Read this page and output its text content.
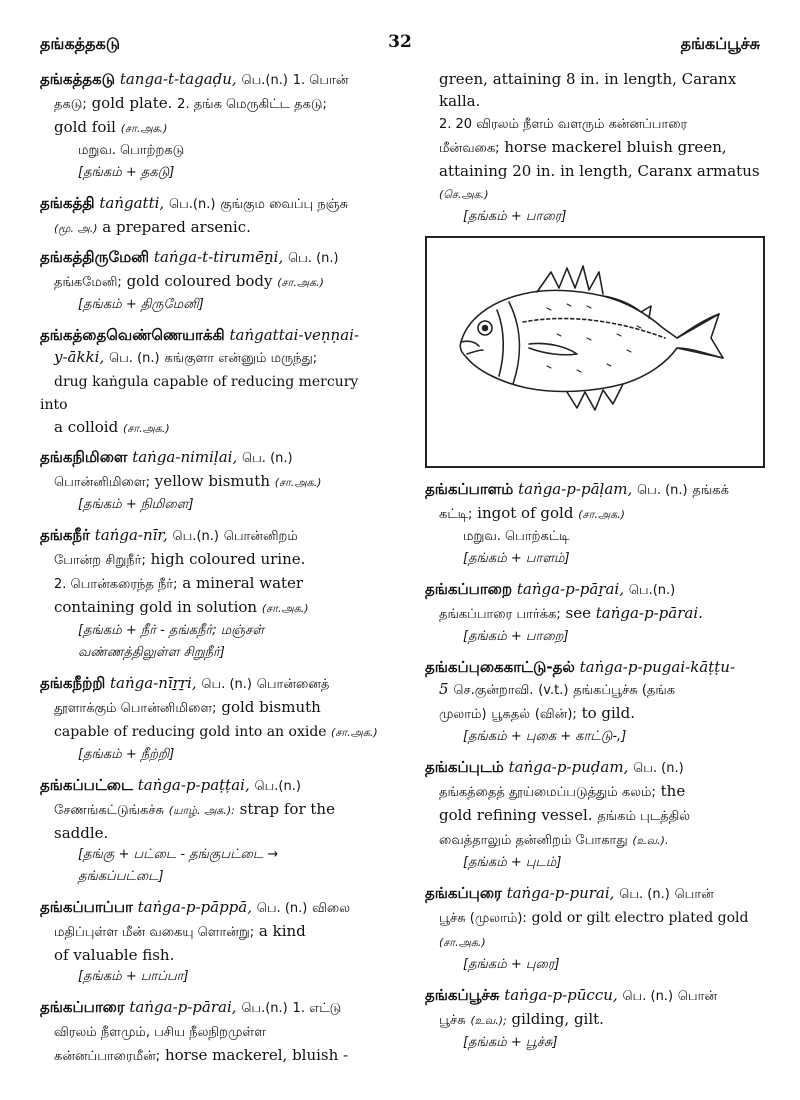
தங்கத்தகடு	32	தங்கப்பூச்சு
தங்கத்தகடு tanga-t-tagaḍu, பெ.(n.) 1. பொன்
தகடு; gold plate. 2. தங்க மெருகிட்ட தகடு;
gold foil (சா.அக.)
மறுவ. பொற்றகடு
[தங்கம் + தகடு]
தங்கத்தி taṅgatti, பெ.(n.) குங்கும வைப்பு நஞ்சு
(மூ. அ.) a prepared arsenic.
தங்கத்திருமேனி taṅga-t-tirumēṉi, பெ. (n.)
தங்கமேனி; gold coloured body (சா.அக.)
[தங்கம் + திருமேனி]
தங்கத்தைவெண்ணெயாக்கி taṅgattai-veṇṇai-
y-ākki, பெ. (n.) கங்குளா என்னும் மருந்து;
drug kaṅgula capable of reducing mercury into
a colloid (சா.அக.)
தங்கநிமிளை taṅga-nimiḷai, பெ. (n.)
பொன்னிமிளை; yellow bismuth (சா.அக.)
[தங்கம் + நிமிளை]
தங்கநீர் taṅga-nīr, பெ.(n.) பொன்னிறம்
போன்ற சிறுநீர்; high coloured urine.
2. பொன்கரைந்த நீர்; a mineral water
containing gold in solution (சா.அக.)
[தங்கம் + நீர் - தங்கநீர்; மஞ்சள்
வண்ணத்திலுள்ள சிறுநீர்]
தங்கநீற்றி taṅga-nīṟṟi, பெ. (n.) பொன்னைத்
தூளாக்கும் பொன்னிமிளை; gold bismuth
capable of reducing gold into an oxide (சா.அக.)
[தங்கம் + நீற்றி]
தங்கப்பட்டை taṅga-p-paṭṭai, பெ.(n.)
சேணங்கட்டுங்கச்சு (யாழ். அக.): strap for the
saddle.
[தங்கு + பட்டை - தங்குபட்டை →
தங்கப்பட்டை]
தங்கப்பாப்பா taṅga-p-pāppā, பெ. (n.) விலை
மதிப்புள்ள மீன் வகையு ளொன்று; a kind
of valuable fish.
[தங்கம் + பாப்பா]
தங்கப்பாரை taṅga-p-pārai, பெ.(n.) 1. எட்டு
விரலம் நீளமும், பசிய நீலநிறமுள்ள
கன்னப்பாரைமீன்; horse mackerel, bluish -
green, attaining 8 in. in length, Caranx kalla.
2. 20 விரலம் நீளம் வளரும் கன்னப்பாரை
மீன்வகை; horse mackerel bluish green,
attaining 20 in. in length, Caranx armatus
(செ.அக.)
[தங்கம் + பாரை]
தங்கப்பாளம் taṅga-p-pāḷam, பெ. (n.) தங்கக்
கட்டி; ingot of gold (சா.அக.)
மறுவ. பொற்கட்டி
[தங்கம் + பாளம்]
தங்கப்பாறை taṅga-p-pāṟai, பெ.(n.)
தங்கப்பாரை பார்க்க; see taṅga-p-pārai.
[தங்கம் + பாறை]
தங்கப்புகைகாட்டு-தல் taṅga-p-pugai-kāṭṭu-
5 செ.குன்றாவி. (v.t.) தங்கப்பூச்சு (தங்க
முலாம்) பூசுதல் (வின்); to gild.
[தங்கம் + புகை + காட்டு-,]
தங்கப்புடம் taṅga-p-puḍam, பெ. (n.)
தங்கத்தைத் தூய்மைப்படுத்தும் கலம்; the
gold refining vessel. தங்கம் புடத்தில்
வைத்தாலும் தன்னிறம் போகாது (உவ.).
[தங்கம் + புடம்]
தங்கப்புரை taṅga-p-purai, பெ. (n.) பொன்
பூச்சு (முலாம்): gold or gilt electro plated gold
(சா.அக.)
[தங்கம் + புரை]
தங்கப்பூச்சு taṅga-p-pūccu, பெ. (n.) பொன்
பூச்சு (உவ.); gilding, gilt.
[தங்கம் + பூச்சு]
